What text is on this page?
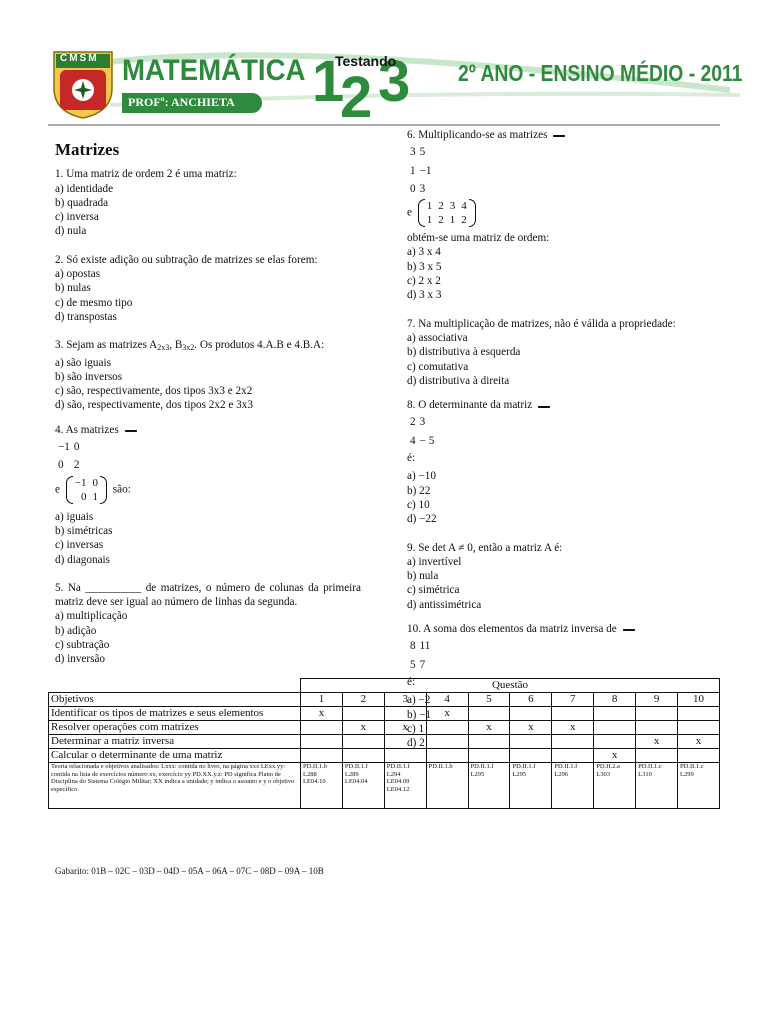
CMSM MATEMÁTICA
PROFº: ANCHIETA	1
2 3
Testando	2º ANO - ENSINO MÉDIO - 2011
Matrizes

1. Uma matriz de ordem 2 é uma matriz:

a) identidade

b) quadrada

c) inversa

d) nula

2. Só existe adição ou subtração de matrizes se elas forem:

a) opostas

b) nulas

c) de mesmo tipo

d) transpostas

3. Sejam as matrizes $A_{2x3}$, $B_{3x2}$. Os produtos 4.A.B e 4.B.A:

a) são iguais

b) são inversos

c) são, respectivamente, dos tipos 3x3 e 2x2

d) são, respectivamente, dos tipos 2x2 e 3x3

4. As matrizes

−1	0
0	2
e
−1	0
0	1
são:

a) iguais

b) simétricas

c) inversas

d) diagonais

5. Na __________ de matrizes, o número de colunas da primeira matriz deve ser igual ao número de linhas da segunda.

a) multiplicação

b) adição

c) subtração

d) inversão

6. Multiplicando-se as matrizes

3	5
1	−1
0	3
e
1	2	3	4
1	2	1	2

obtém-se uma matriz de ordem:

a) 3 x 4

b) 3 x 5

c) 2 x 2

d) 3 x 3

7. Na multiplicação de matrizes, não é válida a propriedade:

a) associativa

b) distributiva à esquerda

c) comutativa

d) distributiva à direita

8. O determinante da matriz

2	3
4	− 5
é:

a) −10

b) 22

c) 10

d) −22

9. Se det A ≠ 0, então a matriz A é:

a) invertível

b) nula

c) simétrica

d) antissimétrica

10. A soma dos elementos da matriz inversa de

8	11
5	7
é:

a) −2

b) −1

c) 1

d) 2

	Questão									
Objetivos	1	2	3	4	5	6	7	8	9	10
Identificar os tipos de matrizes e seus elementos	x			x						
Resolver operações com matrizes		x	x		x	x	x			
Determinar a matriz inversa									x	x
Calcular o determinante de uma matriz								x		
Teoria relacionada e objetivos analisados: Lxxx: contida no livro, na página xxx LExx.yy: contida na lista de exercícios número xx, exercício yy PD.XX.y.z: PD significa Plano de Disciplina do Sistema Colégio Militar; XX indica a unidade; y indica o assunto e y o objetivo específico.	PD.II.1.b L288 LE04.10	PD.II.1.f L289 LE04.04	PD.II.1.f L294 LE04.09 LE04.12	PD.II.1.b	PD.II.1.f L295	PD.II.1.f L295	PD.II.1.f L296	PD.II.2.a L303	PD.II.1.c L310	PD.II.1.c L299
Gabarito: 01B – 02C – 03D – 04D – 05A – 06A – 07C – 08D – 09A – 10B
